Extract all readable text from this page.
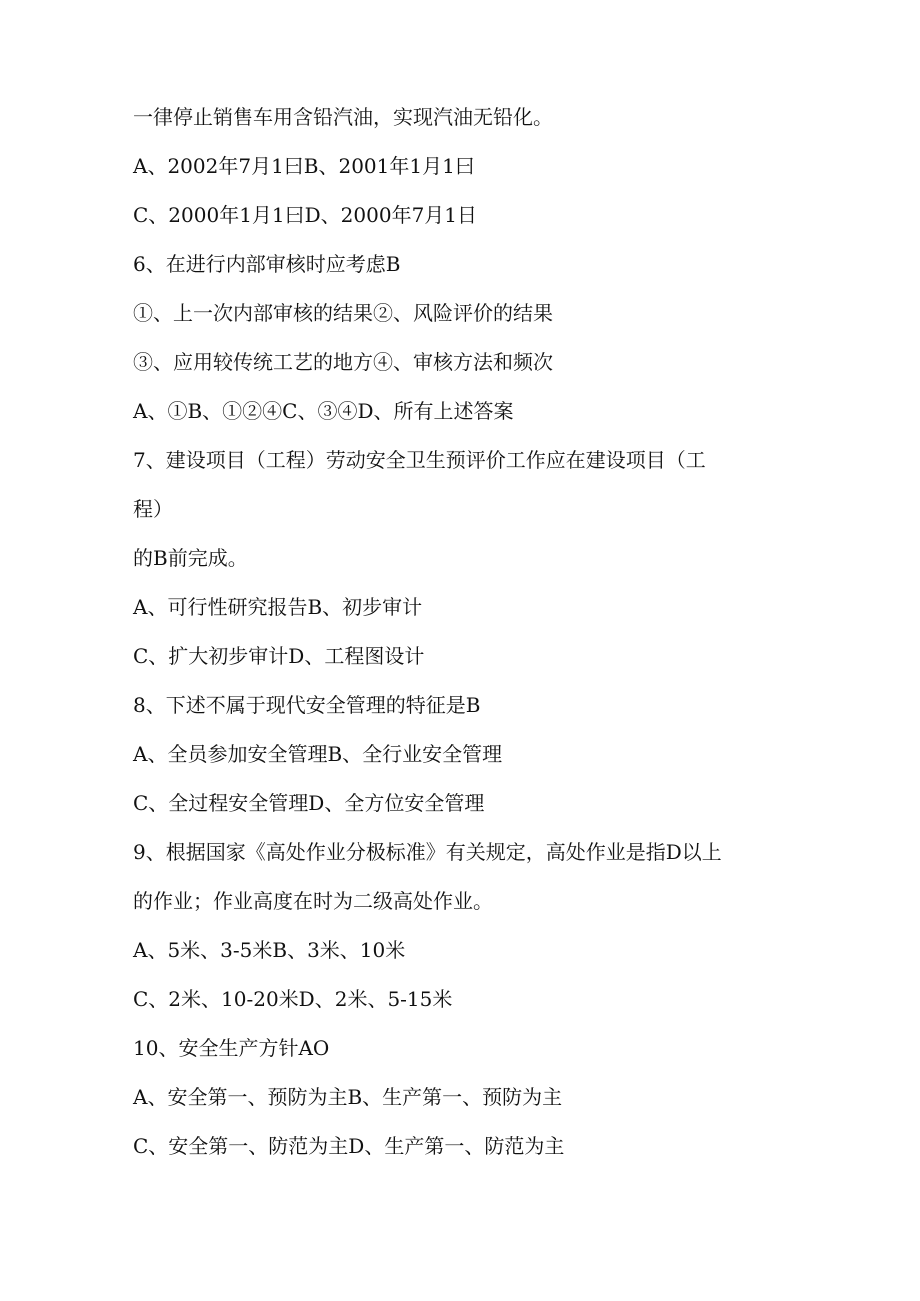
一律停止销售车用含铅汽油，实现汽油无铅化。
A、2002年7月1曰B、2001年1月1曰
C、2000年1月1曰D、2000年7月1日
6、在进行内部审核时应考虑B
①、上一次内部审核的结果②、风险评价的结果
③、应用较传统工艺的地方④、审核方法和频次
A、①B、①②④C、③④D、所有上述答案
7、建设项目（工程）劳动安全卫生预评价工作应在建设项目（工
程）
的B前完成。
A、可行性研究报告B、初步审计
C、扩大初步审计D、工程图设计
8、下述不属于现代安全管理的特征是B
A、全员参加安全管理B、全行业安全管理
C、全过程安全管理D、全方位安全管理
9、根据国家《高处作业分极标准》有关规定，高处作业是指D以上
的作业；作业高度在时为二级高处作业。
A、5米、3-5米B、3米、10米
C、2米、10-20米D、2米、5-15米
10、安全生产方针AO
A、安全第一、预防为主B、生产第一、预防为主
C、安全第一、防范为主D、生产第一、防范为主
